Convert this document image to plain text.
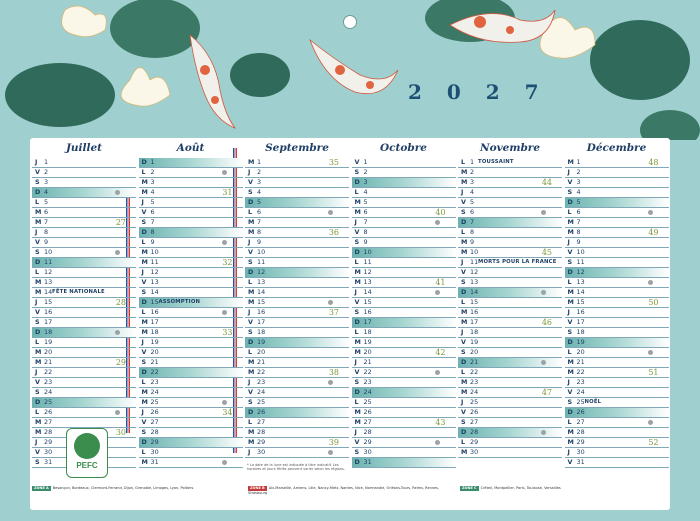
2 0 2 7
Juillet
J 1
V 2
S 3
D 4
L 5
M 6
M 7	27
J 8
V 9
S 10
D 11
L 12
M 13
M 14 FÊTE NATIONALE
J 15	28
V 16
S 17
D 18
L 19
M 20
M 21	29
J 22
V 23
S 24
D 25
L 26
M 27
M 28	30
J 29
V 30
S 31
Août
D 1
L 2
M 3
M 4	31
J 5
V 6
S 7
D 8
L 9
M 10
M 11	32
J 12
V 13
S 14
D 15 ASSOMPTION
L 16
M 17
M 18	33
J 19
V 20
S 21
D 22
L 23
M 24
M 25
J 26	34
V 27
S 28
D 29
L 30
M 31
Septembre
M 1	35
J 2
V 3
S 4
D 5
L 6
M 7
M 8	36
J 9
V 10
S 11
D 12
L 13
M 14
M 15
J 16	37
V 17
S 18
D 19
L 20
M 21
M 22	38
J 23
V 24
S 25
D 26
L 27
M 28
M 29	39
J 30
Octobre
V 1
S 2
D 3
L 4
M 5
M 6	40
J 7
V 8
S 9
D 10
L 11
M 12
M 13	41
J 14
V 15
S 16
D 17
L 18
M 19
M 20	42
J 21
V 22
S 23
D 24
L 25
M 26
M 27	43
J 28
V 29
S 30
D 31
Novembre
L 1 TOUSSAINT
M 2
M 3	44
J 4
V 5
S 6
D 7
L 8
M 9
M 10	45
J 11 MORTS POUR LA FRANCE
V 12
S 13
D 14
L 15
M 16
M 17	46
J 18
V 19
S 20
D 21
L 22
M 23
M 24	47
J 25
V 26
S 27
D 28
L 29
M 30
Décembre
M 1	48
J 2
V 3
S 4
D 5
L 6
M 7
M 8	49
J 9
V 10
S 11
D 12
L 13
M 14
M 15	50
J 16
V 17
S 18
D 19
L 20
M 21
M 22	51
J 23
V 24
S 25 NOËL
D 26
L 27
M 28
M 29	52
J 30
V 31
PEFC	* La date de la lune est indiquée à titre indicatif. Les horaires et jours fériés peuvent varier selon les régions.
ZONE A Besançon, Bordeaux, Clermont-Ferrand, Dijon, Grenoble, Limoges, Lyon, Poitiers	ZONE B Aix-Marseille, Amiens, Lille, Nancy-Metz, Nantes, Nice, Normandie, Orléans-Tours, Reims, Rennes, Strasbourg
ZONE C Créteil, Montpellier, Paris, Toulouse, Versailles
